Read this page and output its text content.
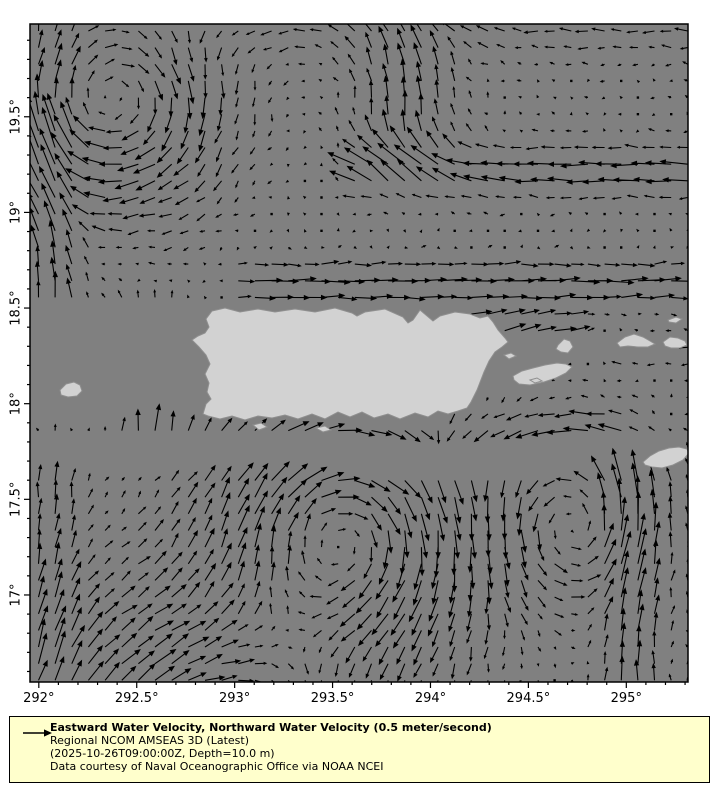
292°	292.5°	293°	293.5°	294°	294.5°	295°
19.5°
19°
18.5°
18°
17.5°
17°
Eastward Water Velocity, Northward Water Velocity (0.5 meter/second)
Regional NCOM AMSEAS 3D (Latest)
(2025-10-26T09:00:00Z, Depth=10.0 m)
Data courtesy of Naval Oceanographic Office via NOAA NCEI
